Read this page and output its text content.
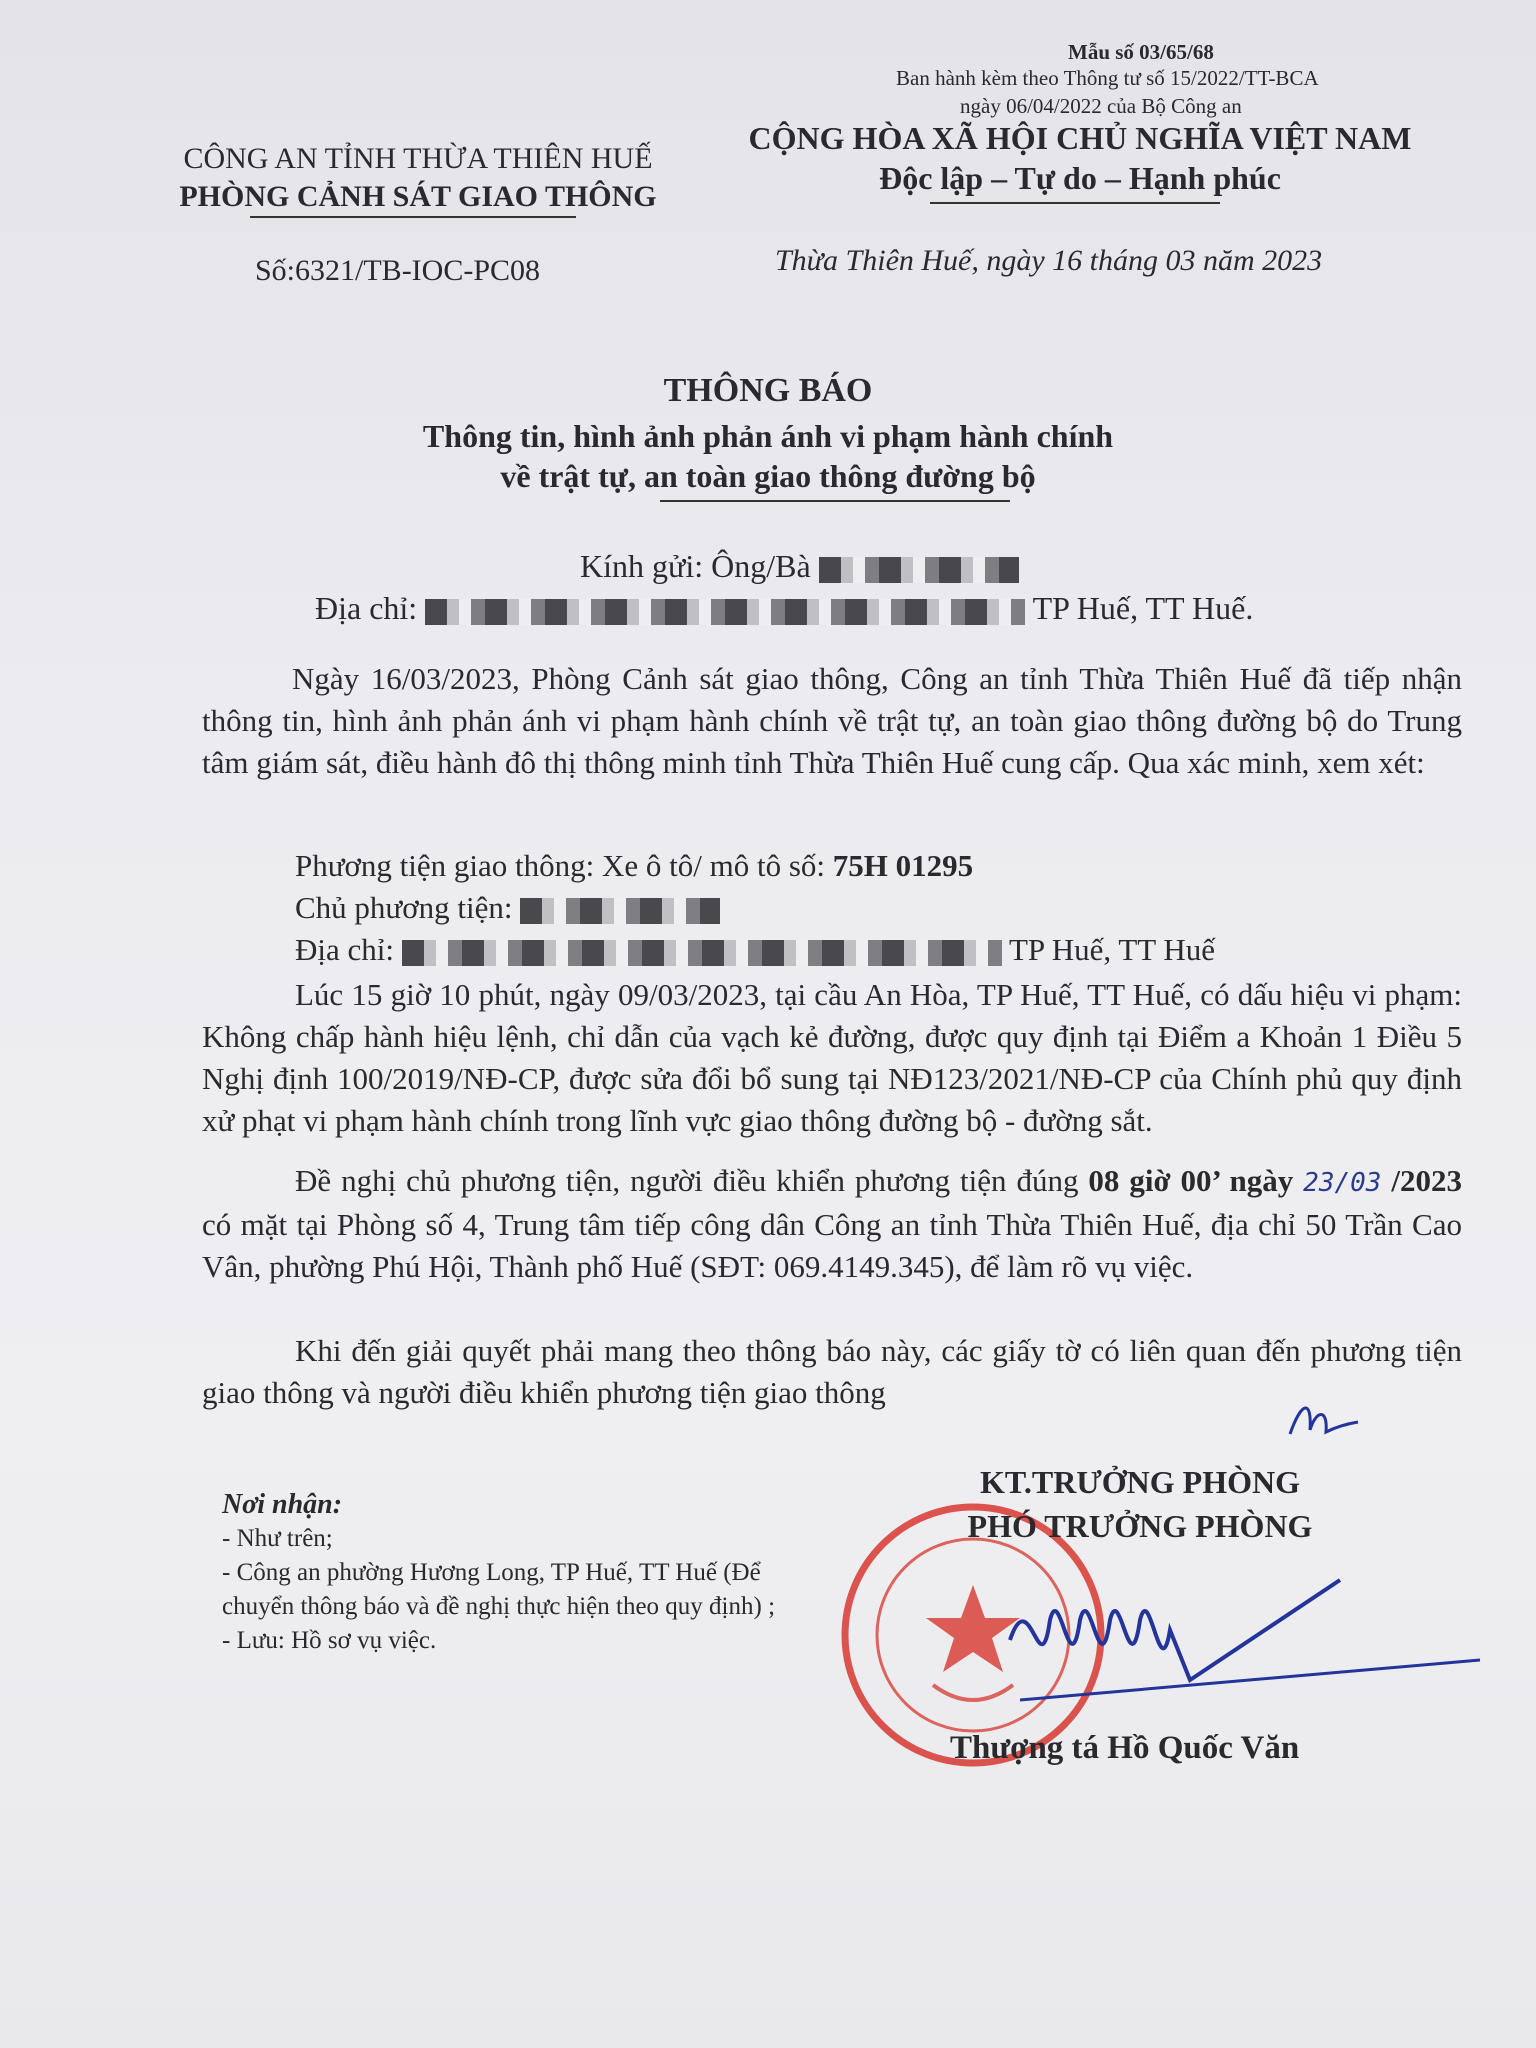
Mẫu số 03/65/68
Ban hành kèm theo Thông tư số 15/2022/TT-BCA
ngày 06/04/2022 của Bộ Công an
CÔNG AN TỈNH THỪA THIÊN HUẾ
PHÒNG CẢNH SÁT GIAO THÔNG
CỘNG HÒA XÃ HỘI CHỦ NGHĨA VIỆT NAM
Độc lập – Tự do – Hạnh phúc
Số:6321/TB-IOC-PC08	Thừa Thiên Huế, ngày 16 tháng 03 năm 2023
THÔNG BÁO
Thông tin, hình ảnh phản ánh vi phạm hành chính
về trật tự, an toàn giao thông đường bộ
Kính gửi: Ông/Bà
Địa chỉ:	TP Huế, TT Huế.
Ngày 16/03/2023, Phòng Cảnh sát giao thông, Công an tỉnh Thừa Thiên Huế đã tiếp nhận thông tin, hình ảnh phản ánh vi phạm hành chính về trật tự, an toàn giao thông đường bộ do Trung tâm giám sát, điều hành đô thị thông minh tỉnh Thừa Thiên Huế cung cấp. Qua xác minh, xem xét:
Phương tiện giao thông: Xe ô tô/ mô tô số: 75H 01295
Chủ phương tiện:
Địa chỉ:	TP Huế, TT Huế
Lúc 15 giờ 10 phút, ngày 09/03/2023, tại cầu An Hòa, TP Huế, TT Huế, có dấu hiệu vi phạm: Không chấp hành hiệu lệnh, chỉ dẫn của vạch kẻ đường, được quy định tại Điểm a Khoản 1 Điều 5 Nghị định 100/2019/NĐ-CP, được sửa đổi bổ sung tại NĐ123/2021/NĐ-CP của Chính phủ quy định xử phạt vi phạm hành chính trong lĩnh vực giao thông đường bộ - đường sắt.
Đề nghị chủ phương tiện, người điều khiển phương tiện đúng 08 giờ 00’ ngày 23/03 /2023 có mặt tại Phòng số 4, Trung tâm tiếp công dân Công an tỉnh Thừa Thiên Huế, địa chỉ 50 Trần Cao Vân, phường Phú Hội, Thành phố Huế (SĐT: 069.4149.345), để làm rõ vụ việc.
Khi đến giải quyết phải mang theo thông báo này, các giấy tờ có liên quan đến phương tiện giao thông và người điều khiển phương tiện giao thông
Nơi nhận:
- Như trên;
- Công an phường Hương Long, TP Huế, TT Huế (Để chuyển thông báo và đề nghị thực hiện theo quy định) ;
- Lưu: Hồ sơ vụ việc.
KT.TRƯỞNG PHÒNG
PHÓ TRƯỞNG PHÒNG
Thượng tá Hồ Quốc Văn
